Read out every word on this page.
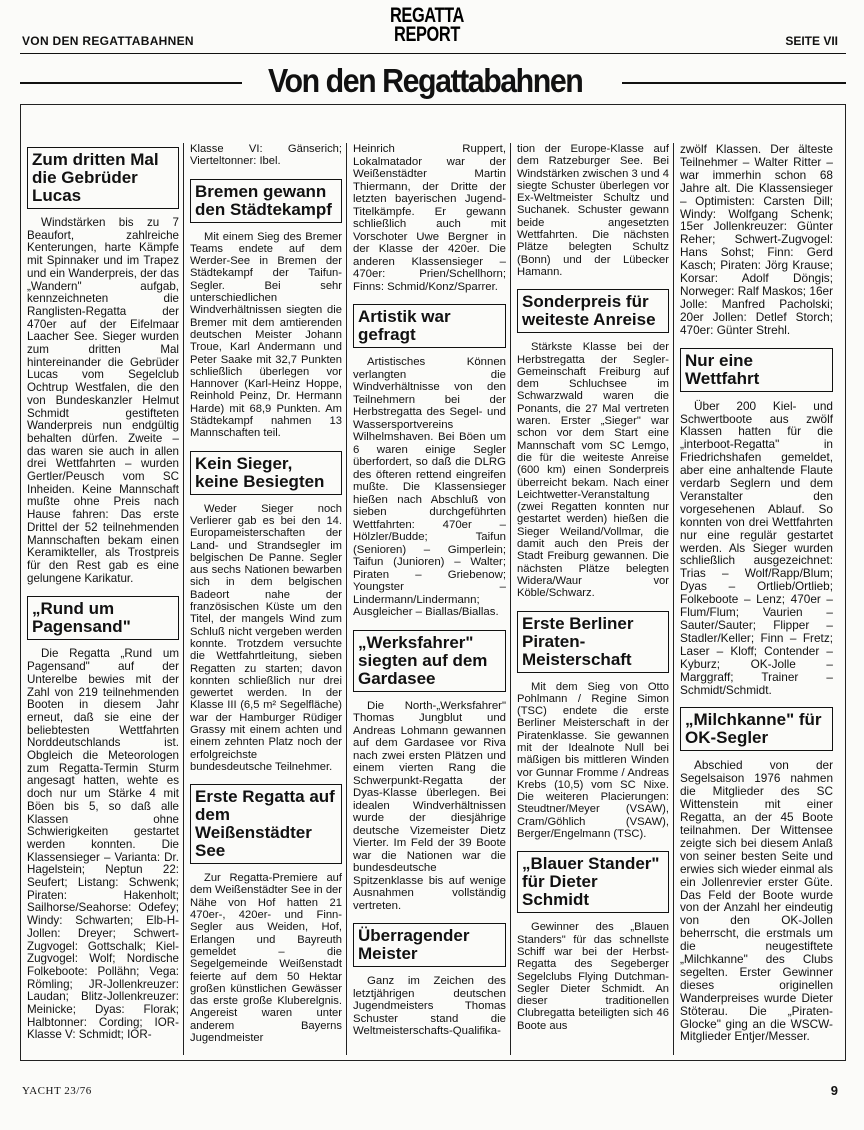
VON DEN REGATTABAHNEN
REGATTA
REPORT	SEITE VII
Von den Regattabahnen
Zum dritten Mal die Gebrüder Lucas

Windstärken bis zu 7 Beaufort, zahlreiche Kenterungen, harte Kämpfe mit Spinnaker und im Trapez und ein Wanderpreis, der das „Wandern" aufgab, kennzeichneten die Ranglisten-Regatta der 470er auf der Eifelmaar Laacher See. Sieger wurden zum dritten Mal hintereinander die Gebrüder Lucas vom Segelclub Ochtrup Westfalen, die den von Bundeskanzler Helmut Schmidt gestifteten Wanderpreis nun endgültig behalten dürfen. Zweite – das waren sie auch in allen drei Wettfahrten – wurden Gertler/Peusch vom SC Inheiden. Keine Mannschaft mußte ohne Preis nach Hause fahren: Das erste Drittel der 52 teilnehmenden Mannschaften bekam einen Keramikteller, als Trostpreis für den Rest gab es eine gelungene Karikatur.

„Rund um Pagensand"

Die Regatta „Rund um Pagensand" auf der Unterelbe bewies mit der Zahl von 219 teilnehmenden Booten in diesem Jahr erneut, daß sie eine der beliebtesten Wettfahrten Norddeutschlands ist. Obgleich die Meteorologen zum Regatta-Termin Sturm angesagt hatten, wehte es doch nur um Stärke 4 mit Böen bis 5, so daß alle Klassen ohne Schwierigkeiten gestartet werden konnten. Die Klassensieger – Varianta: Dr. Hagelstein; Neptun 22: Seufert; Listang: Schwenk; Piraten: Hakenholt; Sailhorse/Seahorse: Odefey; Windy: Schwarten; Elb-H-Jollen: Dreyer; Schwert-Zugvogel: Gottschalk; Kiel-Zugvogel: Wolf; Nordische Folkeboote: Pollähn; Vega: Römling; JR-Jollenkreuzer: Laudan; Blitz-Jollenkreuzer: Meinicke; Dyas: Florak; Halbtonner: Cording; IOR-Klasse V: Schmidt; IOR-

Klasse VI: Gänserich; Vierteltonner: Ibel.

Bremen gewann den Städtekampf

Mit einem Sieg des Bremer Teams endete auf dem Werder-See in Bremen der Städtekampf der Taifun-Segler. Bei sehr unterschiedlichen Windverhältnissen siegten die Bremer mit dem amtierenden deutschen Meister Johann Troue, Karl Andermann und Peter Saake mit 32,7 Punkten schließlich überlegen vor Hannover (Karl-Heinz Hoppe, Reinhold Peinz, Dr. Hermann Harde) mit 68,9 Punkten. Am Städtekampf nahmen 13 Mannschaften teil.

Kein Sieger, keine Besiegten

Weder Sieger noch Verlierer gab es bei den 14. Europameisterschaften der Land- und Strandsegler im belgischen De Panne. Segler aus sechs Nationen bewarben sich in dem belgischen Badeort nahe der französischen Küste um den Titel, der mangels Wind zum Schluß nicht vergeben werden konnte. Trotzdem versuchte die Wettfahrtleitung, sieben Regatten zu starten; davon konnten schließlich nur drei gewertet werden. In der Klasse III (6,5 m² Segelfläche) war der Hamburger Rüdiger Grassy mit einem achten und einem zehnten Platz noch der erfolgreichste bundesdeutsche Teilnehmer.

Erste Regatta auf dem Weißenstädter See

Zur Regatta-Premiere auf dem Weißenstädter See in der Nähe von Hof hatten 21 470er-, 420er- und Finn-Segler aus Weiden, Hof, Erlangen und Bayreuth gemeldet – die Segelgemeinde Weißenstadt feierte auf dem 50 Hektar großen künstlichen Gewässer das erste große Kluberelgnis. Angereist waren unter anderem Bayerns Jugendmeister

Heinrich Ruppert, Lokalmatador war der Weißenstädter Martin Thiermann, der Dritte der letzten bayerischen Jugend-Titelkämpfe. Er gewann schließlich auch mit Vorschoter Uwe Bergner in der Klasse der 420er. Die anderen Klassensieger – 470er: Prien/Schellhorn; Finns: Schmid/Konz/Sparrer.

Artistik war gefragt

Artistisches Können verlangten die Windverhältnisse von den Teilnehmern bei der Herbstregatta des Segel- und Wassersportvereins Wilhelmshaven. Bei Böen um 6 waren einige Segler überfordert, so daß die DLRG des öfteren rettend eingreifen mußte. Die Klassensieger hießen nach Abschluß von sieben durchgeführten Wettfahrten: 470er – Hölzler/Budde; Taifun (Senioren) – Gimperlein; Taifun (Junioren) – Walter; Piraten – Griebenow; Youngster – Lindermann/Lindermann; Ausgleicher – Biallas/Biallas.

„Werksfahrer" siegten auf dem Gardasee

Die North-„Werksfahrer" Thomas Jungblut und Andreas Lohmann gewannen auf dem Gardasee vor Riva nach zwei ersten Plätzen und einem vierten Rang die Schwerpunkt-Regatta der Dyas-Klasse überlegen. Bei idealen Windverhältnissen wurde der diesjährige deutsche Vizemeister Dietz Vierter. Im Feld der 39 Boote war die Nationen war die bundesdeutsche Spitzenklasse bis auf wenige Ausnahmen vollständig vertreten.

Überragender Meister

Ganz im Zeichen des letztjährigen deutschen Jugendmeisters Thomas Schuster stand die Weltmeisterschafts-Qualifika-

tion der Europe-Klasse auf dem Ratzeburger See. Bei Windstärken zwischen 3 und 4 siegte Schuster überlegen vor Ex-Weltmeister Schultz und Suchanek. Schuster gewann beide angesetzten Wettfahrten. Die nächsten Plätze belegten Schultz (Bonn) und der Lübecker Hamann.

Sonderpreis für weiteste Anreise

Stärkste Klasse bei der Herbstregatta der Segler-Gemeinschaft Freiburg auf dem Schluchsee im Schwarzwald waren die Ponants, die 27 Mal vertreten waren. Erster „Sieger" war schon vor dem Start eine Mannschaft vom SC Lemgo, die für die weiteste Anreise (600 km) einen Sonderpreis überreicht bekam. Nach einer Leichtwetter-Veranstaltung (zwei Regatten konnten nur gestartet werden) hießen die Sieger Weiland/Vollmar, die damit auch den Preis der Stadt Freiburg gewannen. Die nächsten Plätze belegten Widera/Waur vor Köble/Schwarz.

Erste Berliner Piraten-Meisterschaft

Mit dem Sieg von Otto Pohlmann / Regine Simon (TSC) endete die erste Berliner Meisterschaft in der Piratenklasse. Sie gewannen mit der Idealnote Null bei mäßigen bis mittleren Winden vor Gunnar Fromme / Andreas Krebs (10,5) vom SC Nixe. Die weiteren Placierungen: Steudtner/Meyer (VSAW), Cram/Göhlich (VSAW), Berger/Engelmann (TSC).

„Blauer Stander" für Dieter Schmidt

Gewinner des „Blauen Standers" für das schnellste Schiff war bei der Herbst-Regatta des Segeberger Segelclubs Flying Dutchman-Segler Dieter Schmidt. An dieser traditionellen Clubregatta beteiligten sich 46 Boote aus

zwölf Klassen. Der älteste Teilnehmer – Walter Ritter – war immerhin schon 68 Jahre alt. Die Klassensieger – Optimisten: Carsten Dill; Windy: Wolfgang Schenk; 15er Jollenkreuzer: Günter Reher; Schwert-Zugvogel: Hans Sohst; Finn: Gerd Kasch; Piraten: Jörg Krause; Korsar: Adolf Döngis; Norweger: Ralf Maskos; 16er Jolle: Manfred Pacholski; 20er Jollen: Detlef Storch; 470er: Günter Strehl.

Nur eine Wettfahrt

Über 200 Kiel- und Schwertboote aus zwölf Klassen hatten für die „interboot-Regatta" in Friedrichshafen gemeldet, aber eine anhaltende Flaute verdarb Seglern und dem Veranstalter den vorgesehenen Ablauf. So konnten von drei Wettfahrten nur eine regulär gestartet werden. Als Sieger wurden schließlich ausgezeichnet: Trias – Wolf/Rapp/Blum; Dyas – Ortlieb/Ortlieb; Folkeboote – Lenz; 470er – Flum/Flum; Vaurien – Sauter/Sauter; Flipper – Stadler/Keller; Finn – Fretz; Laser – Kloff; Contender – Kyburz; OK-Jolle – Marggraff; Trainer – Schmidt/Schmidt.

„Milchkanne" für OK-Segler

Abschied von der Segelsaison 1976 nahmen die Mitglieder des SC Wittenstein mit einer Regatta, an der 45 Boote teilnahmen. Der Wittensee zeigte sich bei diesem Anlaß von seiner besten Seite und erwies sich wieder einmal als ein Jollenrevier erster Güte. Das Feld der Boote wurde von der Anzahl her eindeutig von den OK-Jollen beherrscht, die erstmals um die neugestiftete „Milchkanne" des Clubs segelten. Erster Gewinner dieses originellen Wanderpreises wurde Dieter Stöterau. Die „Piraten-Glocke" ging an die WSCW-Mitglieder Entjer/Messer.

YACHT 23/76	9
